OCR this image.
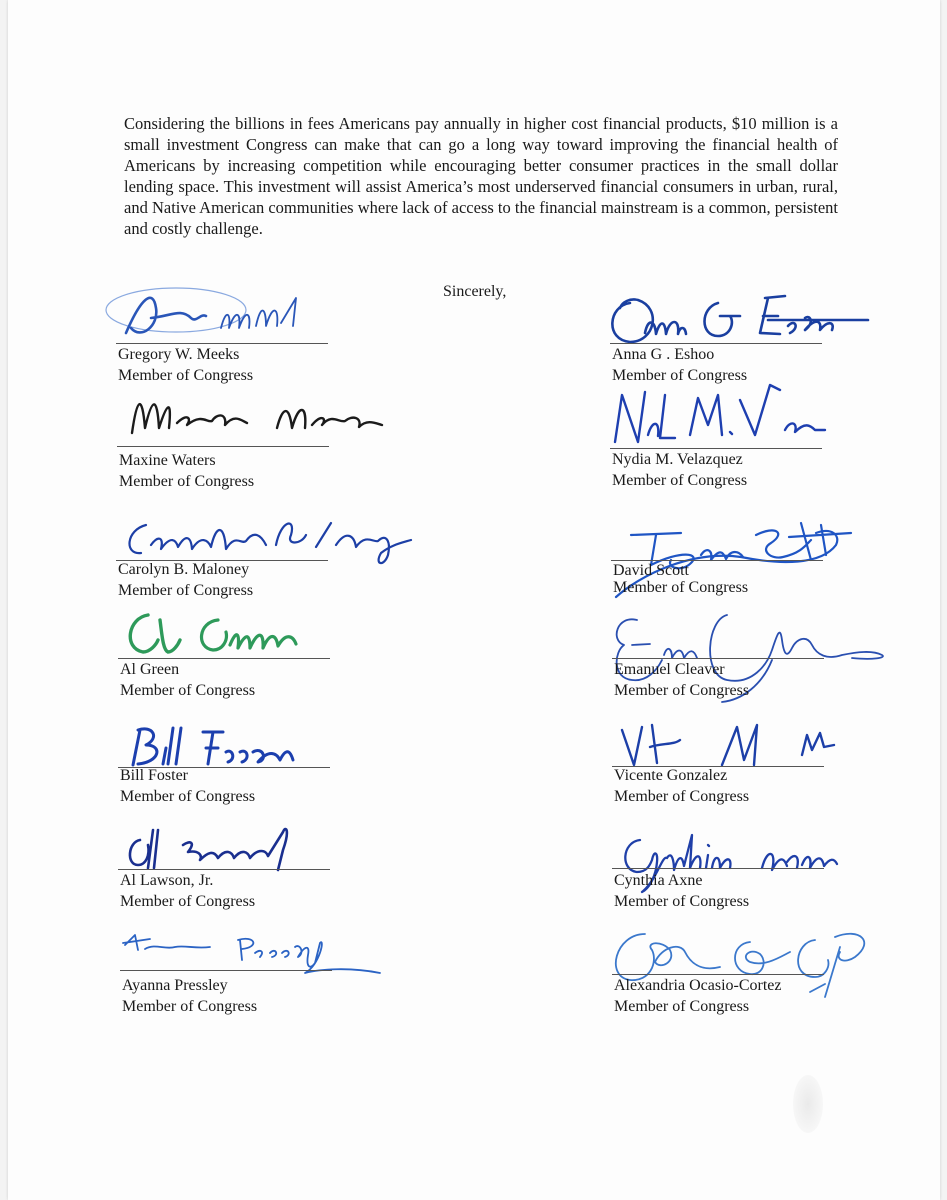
Considering the billions in fees Americans pay annually in higher cost financial products, $10 million is a small investment Congress can make that can go a long way toward improving the financial health of Americans by increasing competition while encouraging better consumer practices in the small dollar lending space. This investment will assist America’s most underserved financial consumers in urban, rural, and Native American communities where lack of access to the financial mainstream is a common, persistent and costly challenge.

Sincerely,
Gregory W. Meeks
Member of Congress
Maxine Waters
Member of Congress
Carolyn B. Maloney
Member of Congress
Al Green
Member of Congress
Bill Foster
Member of Congress
Al Lawson, Jr.
Member of Congress
Ayanna Pressley
Member of Congress
Anna G . Eshoo
Member of Congress
Nydia M. Velazquez
Member of Congress
David Scott
Member of Congress
Emanuel Cleaver
Member of Congress
Vicente Gonzalez
Member of Congress
Cynthia Axne
Member of Congress
Alexandria Ocasio-Cortez
Member of Congress
